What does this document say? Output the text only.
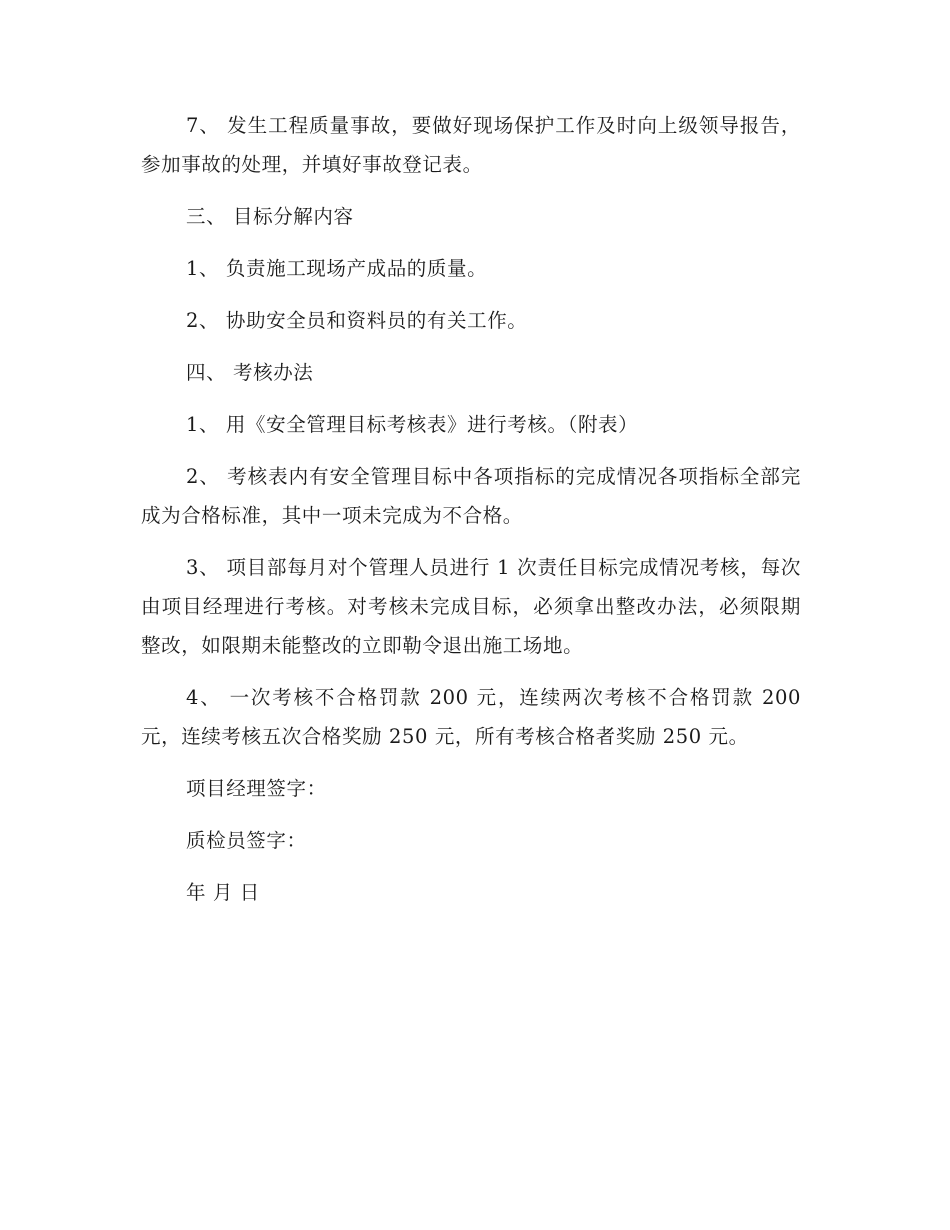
7、 发生工程质量事故，要做好现场保护工作及时向上级领导报告，参加事故的处理，并填好事故登记表。

三、 目标分解内容

1、 负责施工现场产成品的质量。

2、 协助安全员和资料员的有关工作。

四、 考核办法

1、 用《安全管理目标考核表》进行考核。（附表）

2、 考核表内有安全管理目标中各项指标的完成情况各项指标全部完成为合格标准，其中一项未完成为不合格。

3、 项目部每月对个管理人员进行 1 次责任目标完成情况考核，每次由项目经理进行考核。对考核未完成目标，必须拿出整改办法，必须限期整改，如限期未能整改的立即勒令退出施工场地。

4、 一次考核不合格罚款 200 元，连续两次考核不合格罚款 200 元，连续考核五次合格奖励 250 元，所有考核合格者奖励 250 元。

项目经理签字：

质检员签字：

年 月 日
